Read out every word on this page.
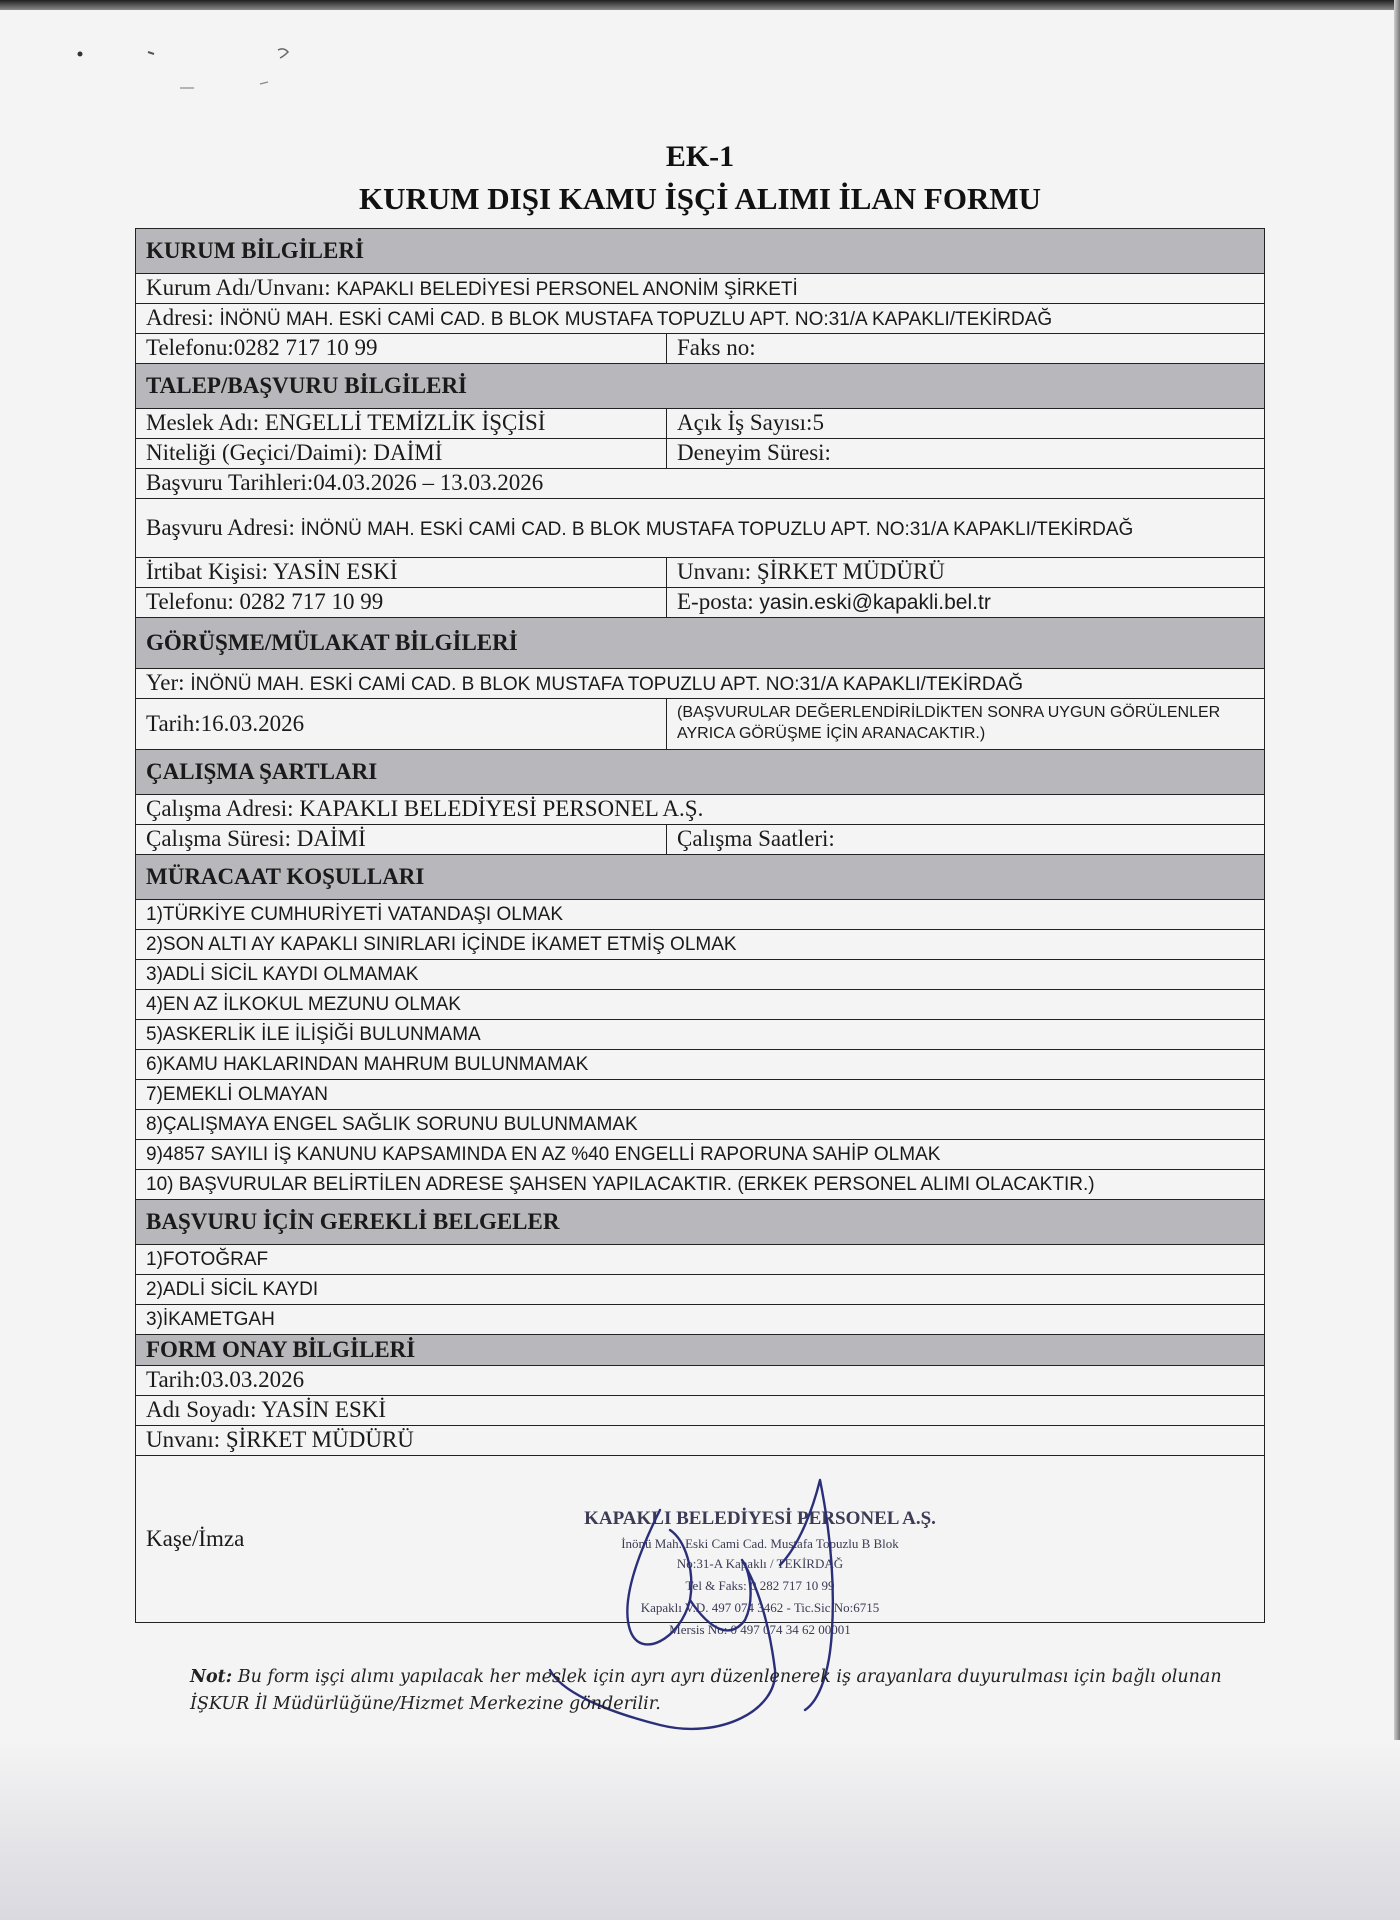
EK-1
KURUM DIŞI KAMU İŞÇİ ALIMI İLAN FORMU
KURUM BİLGİLERİ	
Kurum Adı/Unvanı: KAPAKLI BELEDİYESİ PERSONEL ANONİM ŞİRKETİ	
Adresi: İNÖNÜ MAH. ESKİ CAMİ CAD. B BLOK MUSTAFA TOPUZLU APT. NO:31/A KAPAKLI/TEKİRDAĞ	
Telefonu:0282 717 10 99	Faks no:
TALEP/BAŞVURU BİLGİLERİ	
Meslek Adı: ENGELLİ TEMİZLİK İŞÇİSİ	Açık İş Sayısı:5
Niteliği (Geçici/Daimi): DAİMİ	Deneyim Süresi:
Başvuru Tarihleri:04.03.2026 – 13.03.2026	
Başvuru Adresi: İNÖNÜ MAH. ESKİ CAMİ CAD. B BLOK MUSTAFA TOPUZLU APT. NO:31/A KAPAKLI/TEKİRDAĞ	
İrtibat Kişisi: YASİN ESKİ	Unvanı: ŞİRKET MÜDÜRÜ
Telefonu: 0282 717 10 99	E-posta: yasin.eski@kapakli.bel.tr
GÖRÜŞME/MÜLAKAT BİLGİLERİ	
Yer: İNÖNÜ MAH. ESKİ CAMİ CAD. B BLOK MUSTAFA TOPUZLU APT. NO:31/A KAPAKLI/TEKİRDAĞ	
Tarih:16.03.2026	(BAŞVURULAR DEĞERLENDİRİLDİKTEN SONRA UYGUN GÖRÜLENLER AYRICA GÖRÜŞME İÇİN ARANACAKTIR.)
ÇALIŞMA ŞARTLARI	
Çalışma Adresi: KAPAKLI BELEDİYESİ PERSONEL A.Ş.	
Çalışma Süresi: DAİMİ	Çalışma Saatleri:
MÜRACAAT KOŞULLARI	
1)TÜRKİYE CUMHURİYETİ VATANDAŞI OLMAK	
2)SON ALTI AY KAPAKLI SINIRLARI İÇİNDE İKAMET ETMİŞ OLMAK	
3)ADLİ SİCİL KAYDI OLMAMAK	
4)EN AZ İLKOKUL MEZUNU OLMAK	
5)ASKERLİK İLE İLİŞİĞİ BULUNMAMA	
6)KAMU HAKLARINDAN MAHRUM BULUNMAMAK	
7)EMEKLİ OLMAYAN	
8)ÇALIŞMAYA ENGEL SAĞLIK SORUNU BULUNMAMAK	
9)4857 SAYILI İŞ KANUNU KAPSAMINDA EN AZ %40 ENGELLİ RAPORUNA SAHİP OLMAK	
10) BAŞVURULAR BELİRTİLEN ADRESE ŞAHSEN YAPILACAKTIR. (ERKEK PERSONEL ALIMI OLACAKTIR.)	
BAŞVURU İÇİN GEREKLİ BELGELER	
1)FOTOĞRAF	
2)ADLİ SİCİL KAYDI	
3)İKAMETGAH	
FORM ONAY BİLGİLERİ	
Tarih:03.03.2026	
Adı Soyadı: YASİN ESKİ	
Unvanı: ŞİRKET MÜDÜRÜ	
Kaşe/İmza	
KAPAKLI BELEDİYESİ PERSONEL A.Ş.
İnönü Mah. Eski Cami Cad. Mustafa Topuzlu B Blok
No:31-A Kapaklı / TEKİRDAĞ
Tel & Faks: 0 282 717 10 99
Kapaklı V.D. 497 074 3462 - Tic.Sic.No:6715
Mersis No: 0 497 074 34 62 00001
Not: Bu form işçi alımı yapılacak her meslek için ayrı ayrı düzenlenerek iş arayanlara duyurulması için bağlı olunan İŞKUR İl Müdürlüğüne/Hizmet Merkezine gönderilir.
